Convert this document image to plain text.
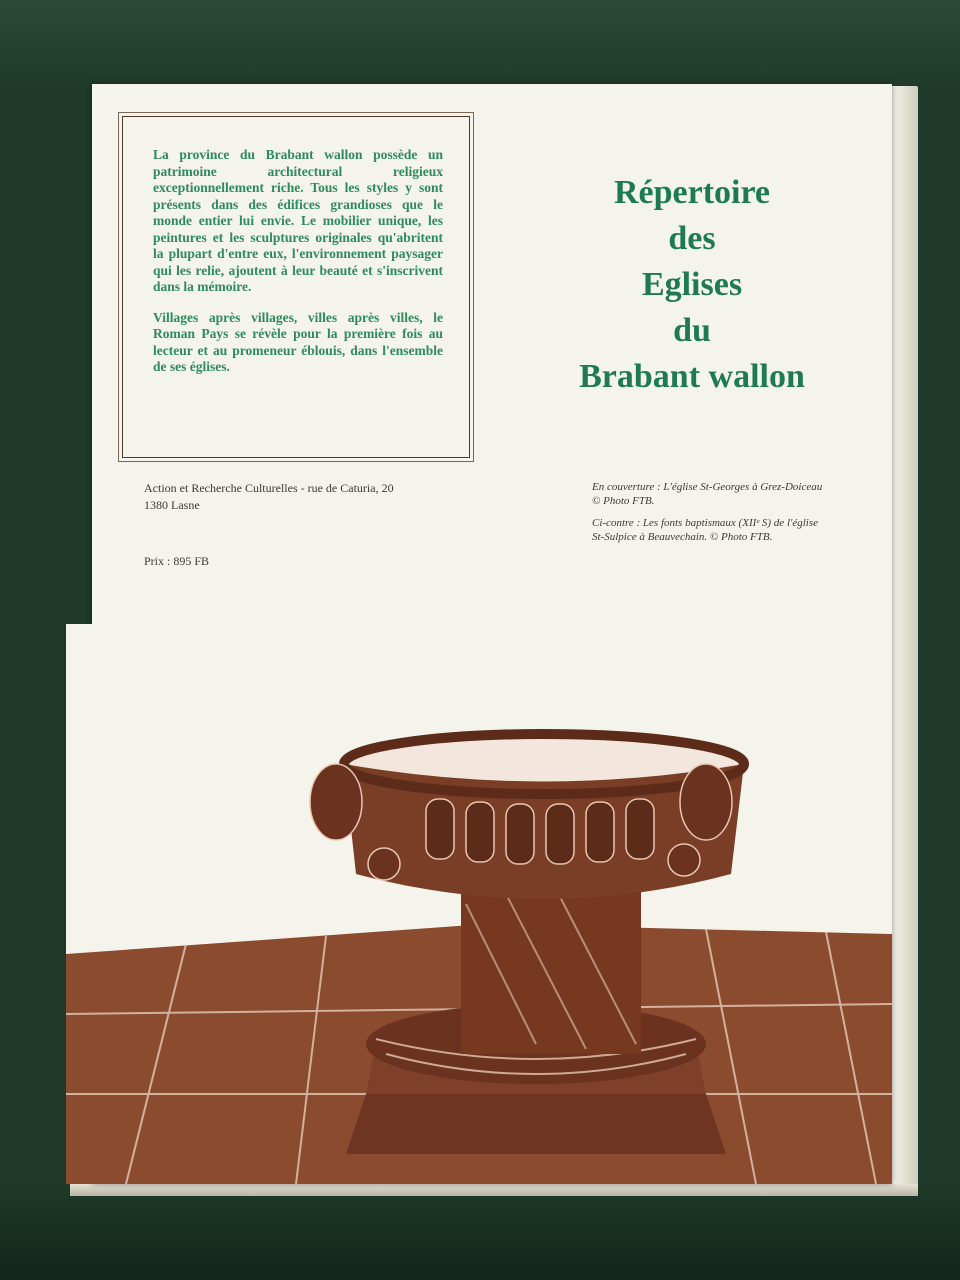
La province du Brabant wallon possède un patrimoine architectural religieux exceptionnellement riche. Tous les styles y sont présents dans des édifices grandioses que le monde entier lui envie. Le mobilier unique, les peintures et les sculptures originales qu'abritent la plupart d'entre eux, l'environnement paysager qui les relie, ajoutent à leur beauté et s'inscrivent dans la mémoire.

Villages après villages, villes après villes, le Roman Pays se révèle pour la première fois au lecteur et au promeneur éblouis, dans l'ensemble de ses églises.

Répertoire
des
Eglises
du
Brabant wallon
Action et Recherche Culturelles - rue de Caturia, 20
1380 Lasne
Prix : 895 FB

En couverture : L'église St-Georges à Grez-Doiceau © Photo FTB.

Ci-contre : Les fonts baptismaux (XIIᵉ S) de l'église St-Sulpice à Beauvechain. © Photo FTB.
